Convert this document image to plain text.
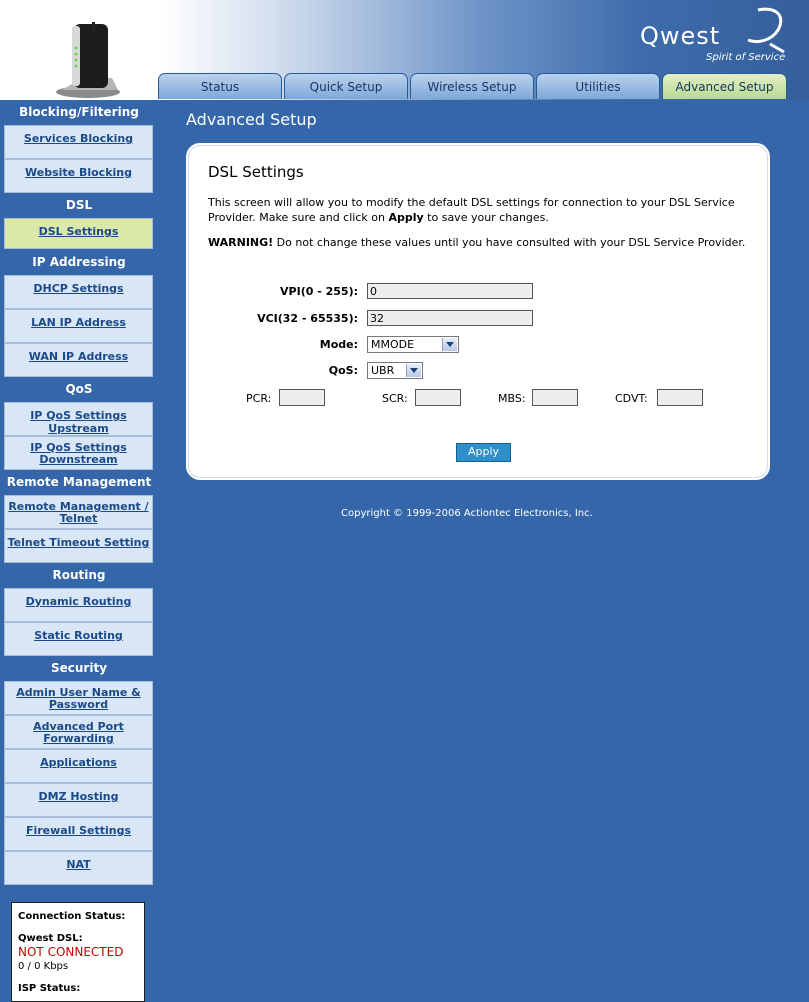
Qwest
Spirit of Service
Status	Quick Setup	Wireless Setup	Utilities	Advanced Setup
Blocking/Filtering
Services Blocking
Website Blocking
DSL
DSL Settings
IP Addressing
DHCP Settings
LAN IP Address
WAN IP Address
QoS
IP QoS Settings Upstream
IP QoS Settings Downstream
Remote Management
Remote Management / Telnet
Telnet Timeout Setting
Routing
Dynamic Routing
Static Routing
Security
Admin User Name & Password
Advanced Port Forwarding
Applications
DMZ Hosting
Firewall Settings
NAT
Connection Status:
Qwest DSL:
NOT CONNECTED
0 / 0 Kbps
ISP Status:
Advanced Setup
DSL Settings
This screen will allow you to modify the default DSL settings for connection to your DSL Service Provider. Make sure and click on Apply to save your changes.
WARNING! Do not change these values until you have consulted with your DSL Service Provider.
VPI(0 - 255): 0
VCI(32 - 65535): 32
Mode:	MMODE
QoS:	UBR
PCR:	SCR:	MBS:	CDVT:
Apply
Copyright © 1999-2006 Actiontec Electronics, Inc.
